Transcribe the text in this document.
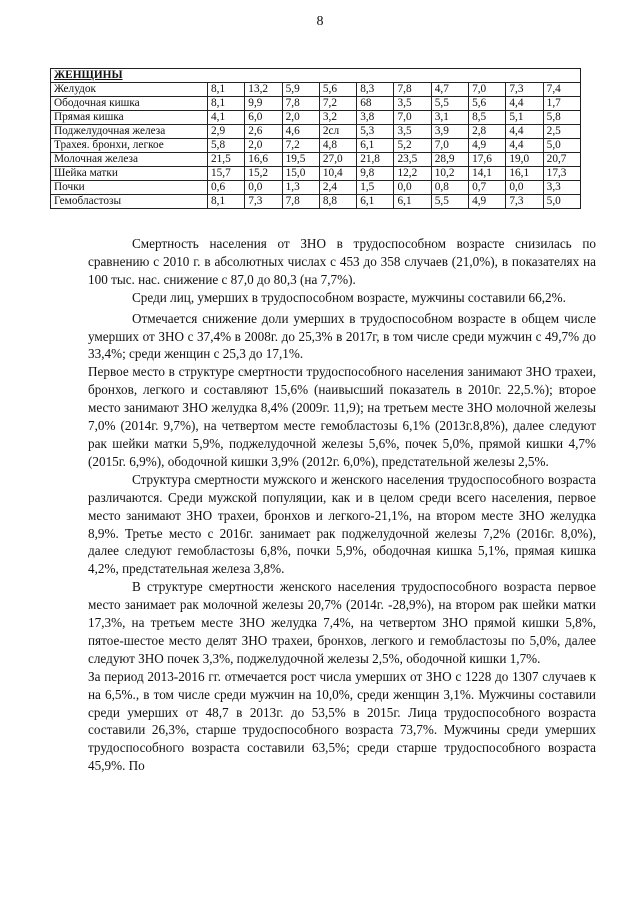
8
ЖЕНЩИНЫ										
Желудок	8,1	13,2	5,9	5,6	8,3	7,8	4,7	7,0	7,3	7,4
Ободочная кишка	8,1	9,9	7,8	7,2	68	3,5	5,5	5,6	4,4	1,7
Прямая кишка	4,1	6,0	2,0	3,2	3,8	7,0	3,1	8,5	5,1	5,8
Поджелудочная железа	2,9	2,6	4,6	2сл	5,3	3,5	3,9	2,8	4,4	2,5
Трахея. бронхи, легкое	5,8	2,0	7,2	4,8	6,1	5,2	7,0	4,9	4,4	5,0
Молочная железа	21,5	16,6	19,5	27,0	21,8	23,5	28,9	17,6	19,0	20,7
Шейка матки	15,7	15,2	15,0	10,4	9,8	12,2	10,2	14,1	16,1	17,3
Почки	0,6	0,0	1,3	2,4	1,5	0,0	0,8	0,7	0,0	3,3
Гемобластозы	8,1	7,3	7,8	8,8	6,1	6,1	5,5	4,9	7,3	5,0

Смертность населения от ЗНО в трудоспособном возрасте снизилась по сравнению с 2010 г. в абсолютных числах с 453 до 358 случаев (21,0%), в показателях на 100 тыс. нас. снижение с 87,0 до 80,3 (на 7,7%).

Среди лиц, умерших в трудоспособном возрасте, мужчины составили 66,2%.

Отмечается снижение доли умерших в трудоспособном возрасте в общем числе умерших от ЗНО с 37,4% в 2008г. до 25,3% в 2017г, в том числе среди мужчин с 49,7% до 33,4%; среди женщин с 25,3 до 17,1%.

Первое место в структуре смертности трудоспособного населения занимают ЗНО трахеи, бронхов, легкого и составляют 15,6% (наивысший показатель в 2010г. 22,5.%); второе место занимают ЗНО желудка 8,4% (2009г. 11,9); на третьем месте ЗНО молочной железы 7,0% (2014г. 9,7%), на четвертом месте гемобластозы 6,1% (2013г.8,8%), далее следуют рак шейки матки 5,9%, поджелудочной железы 5,6%, почек 5,0%, прямой кишки 4,7% (2015г. 6,9%), ободочной кишки 3,9% (2012г. 6,0%), предстательной железы 2,5%.

Структура смертности мужского и женского населения трудоспособного возраста различаются. Среди мужской популяции, как и в целом среди всего населения, первое место занимают ЗНО трахеи, бронхов и легкого-21,1%, на втором месте ЗНО желудка 8,9%. Третье место с 2016г. занимает рак поджелудочной железы 7,2% (2016г. 8,0%), далее следуют гемобластозы 6,8%, почки 5,9%, ободочная кишка 5,1%, прямая кишка 4,2%, предстательная железа 3,8%.

В структуре смертности женского населения трудоспособного возраста первое место занимает рак молочной железы 20,7% (2014г. -28,9%), на втором рак шейки матки 17,3%, на третьем месте ЗНО желудка 7,4%, на четвертом ЗНО прямой кишки 5,8%, пятое-шестое место делят ЗНО трахеи, бронхов, легкого и гемобластозы по 5,0%, далее следуют ЗНО почек 3,3%, поджелудочной железы 2,5%, ободочной кишки 1,7%.

За период 2013-2016 гг. отмечается рост числа умерших от ЗНО с 1228 до 1307 случаев к на 6,5%., в том числе среди мужчин на 10,0%, среди женщин 3,1%. Мужчины составили среди умерших от 48,7 в 2013г. до 53,5% в 2015г. Лица трудоспособного возраста составили 26,3%, старше трудоспособного возраста 73,7%. Мужчины среди умерших трудоспособного возраста составили 63,5%; среди старше трудоспособного возраста 45,9%. По
